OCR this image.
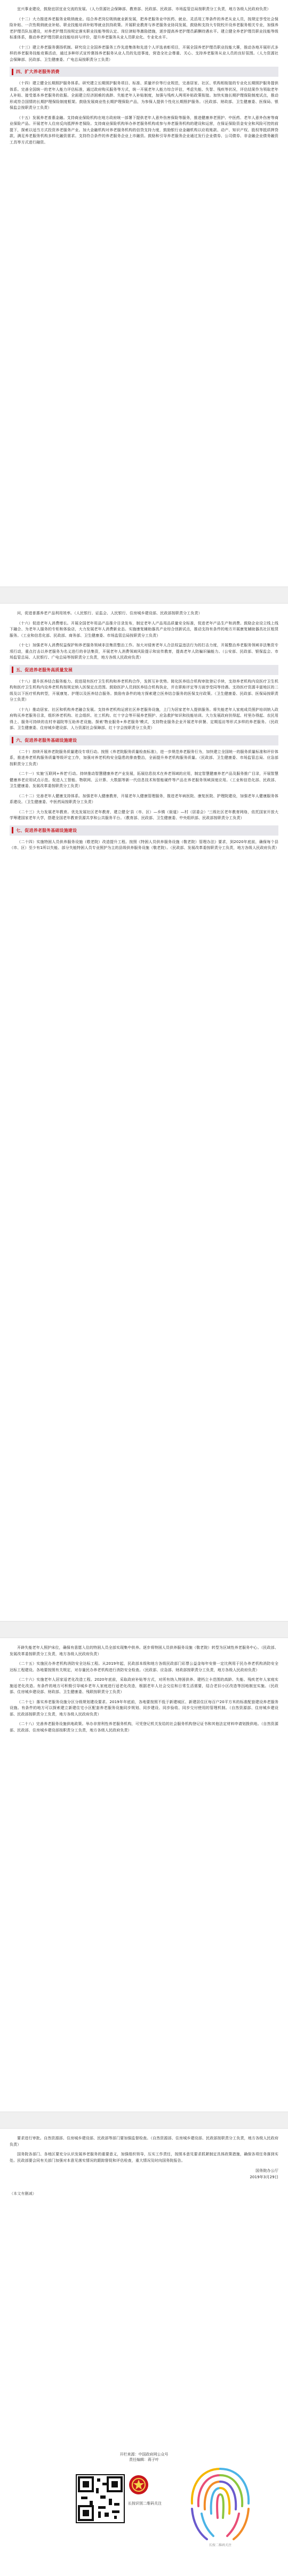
宜兴事业建设，鼓励宜居宜业交流的发展。（人力资源社会保障部、教育部、民政部、民政部、市场监管总局按职责分工负责，地方各级人民政府负责）

（十二）大力推进养老服务业吸纳就业。结合养老岗位吸纳就业新发展，把养老服务业中医药、就业、灵活用工等条件的养老从业人员，按规定享受社会保险补贴、一次性吸纳就业补贴、职业技能培训补贴等就业扶持政策。开展职业教育与养老服务业协同发展，鼓励和支持大专院校开设养老服务相关专业，加强养老护理员队伍建设，对养老护理员按规定落实职业技能等级认定、岗位津贴等激励措施，逐步提高养老护理员薪酬待遇水平。建立健全养老护理员职业技能等级标准体系，推动养老护理员职业技能培训与评价，提升养老服务从业人员职业化、专业化水平。

（十三）建立养老服务褒扬机制。研究设立全国养老服务工作先进集体和先进个人评选表彰项目，开展全国养老护理员职业技能大赛，推动各地开展形式多样的养老服务技能竞赛活动，通过多种形式宣传褒扬养老服务从业人员的先进事迹，营造全社会尊重、关心、支持养老服务从业人员的良好氛围。（人力资源社会保障部、民政部、卫生健康委、广电总局按职责分工负责）

四、扩大养老服务消费

（十四）建立健全长期照护服务体系。研究建立长期照护服务项目、标准、质量评价等行业规范，完善居家、社区、机构相衔接的专业化长期照护服务提供体系。完善全国统一的老年人能力评估标准，通过政府购买服务等方式，统一开展老年人能力综合评估，考虑失能、失智、残疾等状况，评估结果作为领取老年人补贴、接受基本养老服务的依据。全面建立经济困难的高龄、失能老年人补贴制度，加强与残疾人两项补贴政策衔接。加快实施长期护理保险制度试点，推动形成符合国情的长期护理保险制度框架。鼓励发展商业性长期护理保险产品，为参保人提供个性化长期照护服务。（民政部、财政部、卫生健康委、医保局、银保监会按职责分工负责）

（十五）发展养老普惠金融。支持商业保险机构在地方政府统一部署下提供老年人意外伤害保险等服务，推进健康养老照护、中医药、老年人意外伤害等商业保险产品。开展老年人住房反向抵押养老保险。支持商业保险机构举办养老服务机构或参与养老服务机构的建设和运营，在保证保险资金安全和风险可控的前提下，探索以适当方式投资养老服务产业。加大金融机构对养老服务机构的信贷支持力度，鼓励银行业金融机构以应收账款、动产、知识产权、股权等抵质押贷款，满足养老服务机构多样化融资需求。支持符合条件的养老服务企业上市融资。鼓励和引导养老服务企业通过发行企业债券、公司债券、非金融企业债务融资工具等方式进行融资。

问，促进普惠养老产品利用效率。（人民银行、证监会、人民银行、住房城乡建设部、民政部按职责分工负责）

（十六）促进老年人消费增长。开展全国老年用品产品推介目录发布，制定老年人产品用品质量安全标准，促进老年产品生产和消费。鼓励企业设立线上线下融合、为老年人服务的专柜和体验店，大力发展老年人消费新业态。实施康复辅助器具产业综合创新试点，推动支持有条件的地方开展康复辅助器具社区租赁服务。（工业和信息化部、民政部、商务部、卫生健康委、市场监管总局按职责分工负责）

（十七）加强老年人消费权益保护和养老服务领域非法集资整治工作。加大对侵害老年人合法权益违法行为的打击力度，开展整治养老服务领域非法集资专项行动，重点打击以养老服务为名义进行的非法集资，开展老年人消费领域风险提示和宣传教育，提高老年人防骗识骗能力。（公安部、民政部、银保监会、市场监管总局、人民银行、广电总局等按职责分工负责，地方各级人民政府负责）

五、促进养老服务高质量发展

（十八）提升医养结合服务能力。促进现有医疗卫生机构和养老机构合作，发挥互补优势。简化医养结合机构审批登记手续，支持养老机构内设医疗卫生机构和医疗卫生机构内设养老机构按规定纳入医保定点范围。鼓励医护人员到医养结合机构执业，并在职称评定等方面享受同等待遇。支持医疗资源丰富地区的二级及以下医疗机构转型，开展康复、护理以及医养结合服务。鼓励有条件的地方探索建立医养结合服务的医保支付政策。（卫生健康委、民政部、医保局按职责分工负责）

（十九）推动居家、社区和机构养老融合发展。支持养老机构运营社区养老服务设施，上门为居家老年人提供服务。将失能老年人家庭成员照护培训纳入政府购买养老服务目录，组织养老机构、社会组织、社工机构、红十字会等开展养老照护、应急救护知识和技能培训。大力发展政府扶得起、村里办得起、农民用得上、服务可持续的农村幸福院等互助养老设施。探索'物业服务+养老服务'模式，支持物业服务企业开展老年供餐、定期巡访等形式多样的养老服务。（民政部、卫生健康委、住房城乡建设部、人力资源社会保障部、红十字会按职责分工负责）

六、促进养老服务基础设施建设

（二十）持续开展养老院服务质量建设专项行动。按照《养老院服务质量检查标准》，进一步规范养老服务行为，加快建立全国统一的服务质量标准和评价体系，推进养老机构服务质量等级评定工作，加强对养老机构安全隐患的排查整治，全面提升养老机构服务质量。（民政部、卫生健康委、市场监管总局、应急部按职责分工负责）

（二十一）实施'互联网+养老'行动。持续推动智慧健康养老产业发展，拓展信息技术在养老领域的应用，制定智慧健康养老产品及服务推广目录，开展智慧健康养老应用试点示范。促进人工智能、物联网、云计算、大数据等新一代信息技术和智能硬件等产品在养老服务领域深度应用。（工业和信息化部、民政部、卫生健康委、发展改革委按职责分工负责）

（二十二）完善老年人健康支持体系。加强老年人健康教育，开展老年人健康管理服务，推进老年病医院、康复医院、护理院建设，加强老年人健康服务体系建设。（卫生健康委、中医药局按职责分工负责）

（二十三）大力发展老年教育。优先发展社区老年教育，建立健全'县（市、区）—乡镇（街道）—村（居委会）'三级社区老年教育网络，依托国家开放大学筹建国家老年大学，搭建全国老年教育资源共享和公共服务平台。（教育部、民政部、卫生健康委、中央组织部、民政部按职责分工负责）

七、促进养老服务基础设施建设

（二十四）实施特困人员供养服务设施（敬老院）改造提升工程。按照《特困人员供养服务设施（敬老院）管理办法》要求，到2020年底前，确保每个县（市、区）至少有1所以失能、部分失能特困人员专业照护为主的县级供养服务设施（敬老院）。（民政部、发展改革委按职责分工负责，地方各级人民政府负责）

开辟失能老年人照护床位，确保有意愿入住的特困人员全部实现集中供养。逐步将特困人员供养服务设施（敬老院）转型为区域性养老服务中心。（民政部、发展改革委按职责分工负责，地方各级人民政府负责）

（二十五）实施民办养老机构消防安全达标工程。从2019年起，民政部本级和地方各级民政部门彩票公益金每年安排一定比例用于民办养老机构消防安全达标工程建设。各地要按照有关规定，对存量民办养老机构进行消防安全检查。（民政部、应急部、财政部按职责分工负责，地方各级人民政府负责）

（二十六）实施老年人居家适老化改造工程。2020年底前，采取政府补贴等方式，对所有纳入特困供养、建档立卡范围的高龄、失能、残疾老年人家庭实施适老化改造。有条件的地方可积极引导城乡老年人家庭进行适老化改造，根据老年人社会交往和日常生活需要，结合老旧小区改造等因地制宜实施。（民政部、住房城乡建设部、财政部、卫生健康委、残联按职责分工负责）

（二十七）落实养老服务设施分区分级规划建设要求。2019年年底前，各地要按照不低于新建城区、新建居住区每百户20平方米的标准配套建设养老服务设施。有条件的地方可以探索建立新建住宅小区配套养老服务设施同步规划、同步建设、同步验收、同步交付使用的管理机制。（自然资源部、住房城乡建设部、民政部按职责分工负责，地方各级人民政府负责）

（二十八）完善养老服务设施供地政策。举办非营利性养老服务机构，可凭登记机关发给的社会服务机构登记证书和其他法定材料申请划拨供地。（自然资源部、民政部、住房城乡建设部按职责分工负责，地方各级人民政府负责）

要求进行审批。自然资源部、住房城乡建设部、民政部等部门要加强监督检查。（自然资源部、住房城乡建设部、民政部按职责分工负责，地方各级人民政府负责）

国务院各部门、各地区要充分认识发展养老服务的重要意义，加强组织领导，压实工作责任，按照本意见要求抓紧制定具体政策措施，确保各项任务落到实处。民政部要会同有关部门加强对本意见落实情况的跟踪督促和评估检查，重大情况及时向国务院报告。

国务院办公厅
2019年3月29日
（本文有删减）
开栏来源：中国政府网公众号
责任编辑：蒋子叶
长按识别二维码关注
长按二维码关注
